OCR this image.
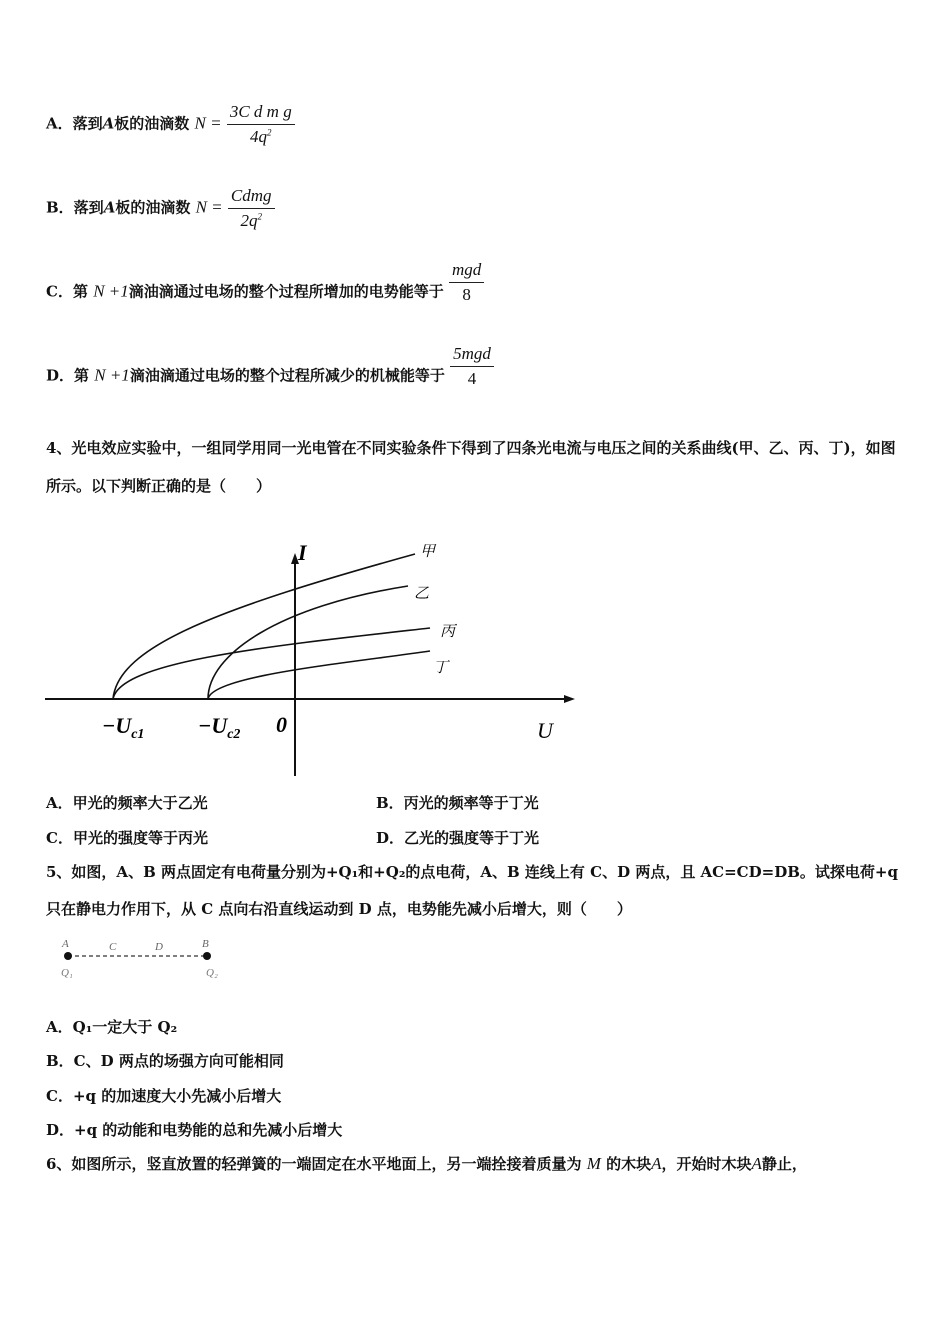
A．落到A板的油滴数 $N = \frac{\text{3C d m g}}{4q^2}$
B．落到A板的油滴数 $N = \frac{\text{Cdmg}}{2q^2}$
C．第 N +1滴油滴通过电场的整个过程所增加的电势能等于 $\frac{\text{mgd}}{8}$
D．第 N +1滴油滴通过电场的整个过程所减少的机械能等于 $\frac{\text{5mgd}}{4}$
4、光电效应实验中，一组同学用同一光电管在不同实验条件下得到了四条光电流与电压之间的关系曲线(甲、乙、丙、丁)，如图所示。以下判断正确的是（　　）
I	甲
乙
丙
丁
$-U_{c1} -U_{c2}$ 0	U
A．甲光的频率大于乙光	B．丙光的频率等于丁光
C．甲光的强度等于丙光	D．乙光的强度等于丁光
5、如图，A、B 两点固定有电荷量分别为+Q₁和+Q₂的点电荷，A、B 连线上有 C、D 两点，且 AC=CD=DB。试探电荷+q
只在静电力作用下，从 C 点向右沿直线运动到 D 点，电势能先减小后增大，则（　　）
A	C	D	B
Q₁	Q₂
A．Q₁一定大于 Q₂
B．C、D 两点的场强方向可能相同
C．+q 的加速度大小先减小后增大
D．+q 的动能和电势能的总和先减小后增大
6、如图所示，竖直放置的轻弹簧的一端固定在水平地面上，另一端拴接着质量为 M 的木块A，开始时木块A静止，
